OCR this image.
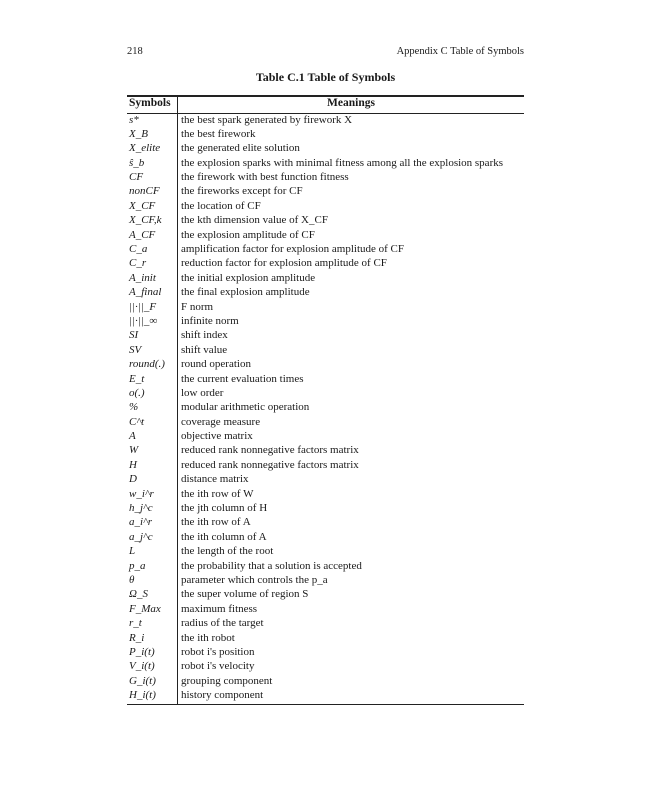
218	Appendix C Table of Symbols
Table C.1 Table of Symbols
Symbols	Meanings
s*	the best spark generated by firework X
X_B	the best firework
X_elite	the generated elite solution
ŝ_b	the explosion sparks with minimal fitness among all the explosion sparks
CF	the firework with best function fitness
nonCF	the fireworks except for CF
X_CF	the location of CF
X_CF,k	the kth dimension value of X_CF
A_CF	the explosion amplitude of CF
C_a	amplification factor for explosion amplitude of CF
C_r	reduction factor for explosion amplitude of CF
A_init	the initial explosion amplitude
A_final	the final explosion amplitude
||·||_F	F norm
||·||_∞	infinite norm
SI	shift index
SV	shift value
round(.)	round operation
E_t	the current evaluation times
o(.)	low order
%	modular arithmetic operation
C^t	coverage measure
A	objective matrix
W	reduced rank nonnegative factors matrix
H	reduced rank nonnegative factors matrix
D	distance matrix
w_i^r	the ith row of W
h_j^c	the jth column of H
a_i^r	the ith row of A
a_j^c	the ith column of A
L	the length of the root
p_a	the probability that a solution is accepted
θ	parameter which controls the p_a
Ω_S	the super volume of region S
F_Max	maximum fitness
r_t	radius of the target
R_i	the ith robot
P_i(t)	robot i's position
V_i(t)	robot i's velocity
G_i(t)	grouping component
H_i(t)	history component
